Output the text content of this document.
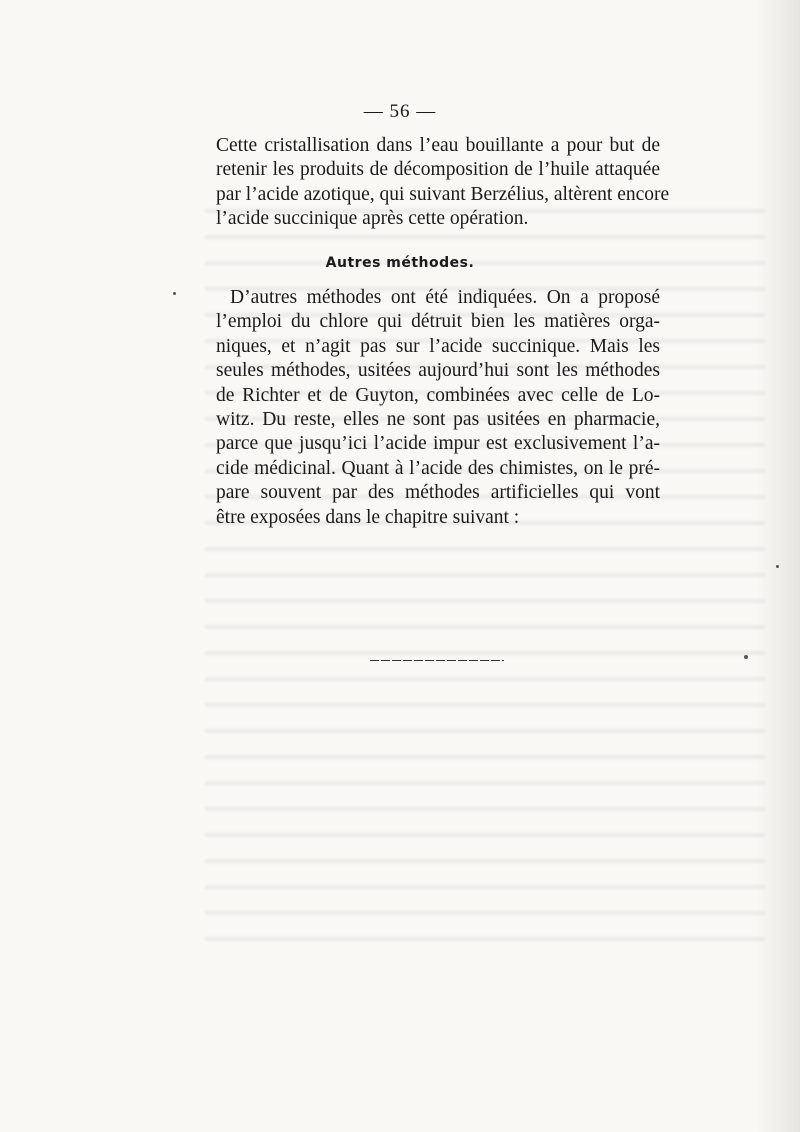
— 56 —
Cette cristallisation dans l’eau bouillante a pour but de
retenir les produits de décomposition de l’huile attaquée
par l’acide azotique, qui suivant Berzélius, altèrent encore
l’acide succinique après cette opération.
Autres méthodes.
D’autres méthodes ont été indiquées. On a proposé
l’emploi du chlore qui détruit bien les matières orga-
niques, et n’agit pas sur l’acide succinique. Mais les
seules méthodes, usitées aujourd’hui sont les méthodes
de Richter et de Guyton, combinées avec celle de Lo-
witz. Du reste, elles ne sont pas usitées en pharmacie,
parce que jusqu’ici l’acide impur est exclusivement l’a-
cide médicinal. Quant à l’acide des chimistes, on le pré-
pare souvent par des méthodes artificielles qui vont
être exposées dans le chapitre suivant :
